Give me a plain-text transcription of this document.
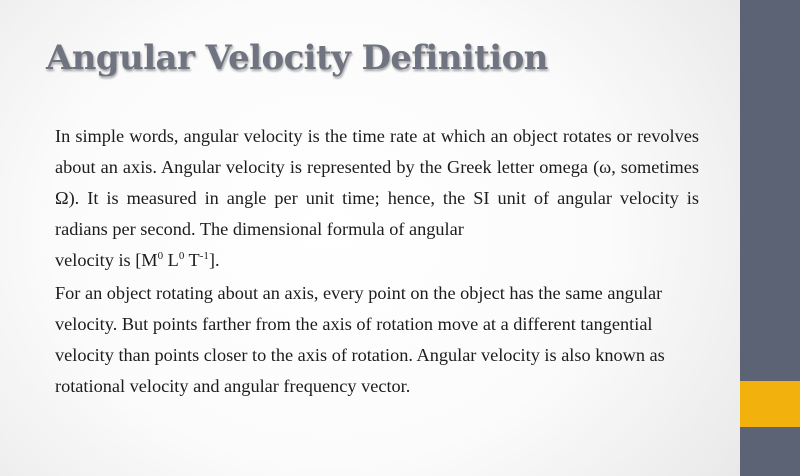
Angular Velocity Definition

In simple words, angular velocity is the time rate at which an object rotates or revolves about an axis. Angular velocity is represented by the Greek letter omega (ω, sometimes Ω). It is measured in angle per unit time; hence, the SI unit of angular velocity is radians per second. The dimensional formula of angular
velocity is [$M^0$ $L^0$ $T^{-1}$].

For an object rotating about an axis, every point on the object has the same angular
velocity. But points farther from the axis of rotation move at a different tangential
velocity than points closer to the axis of rotation. Angular velocity is also known as
rotational velocity and angular frequency vector.
